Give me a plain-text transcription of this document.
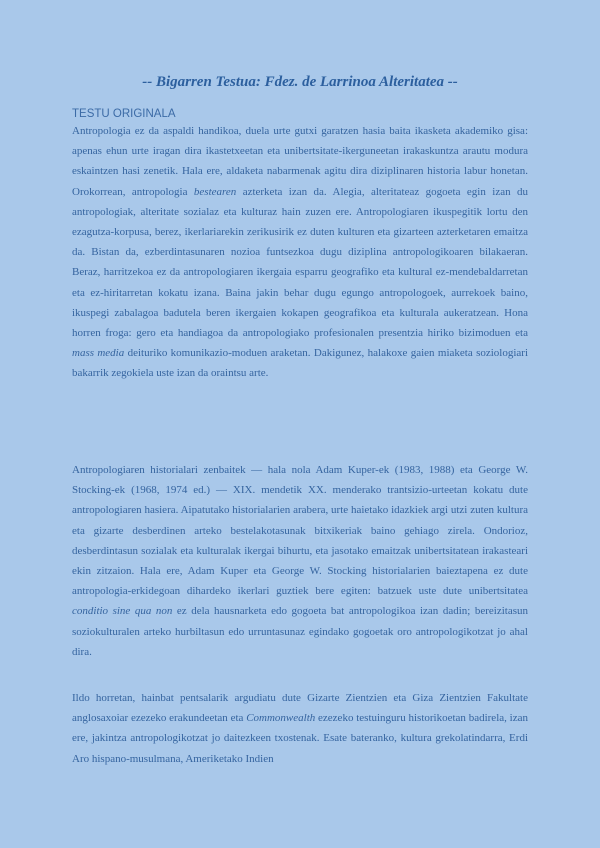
-- Bigarren Testua: Fdez. de Larrinoa Alteritatea --
TESTU ORIGINALA

Antropologia ez da aspaldi handikoa, duela urte gutxi garatzen hasia baita ikasketa akademiko gisa: apenas ehun urte iragan dira ikastetxeetan eta unibertsitate-ikerguneetan irakaskuntza arautu modura eskaintzen hasi zenetik. Hala ere, aldaketa nabarmenak agitu dira diziplinaren historia labur honetan. Orokorrean, antropologia bestearen azterketa izan da. Alegia, alteritateaz gogoeta egin izan du antropologiak, alteritate sozialaz eta kulturaz hain zuzen ere. Antropologiaren ikuspegitik lortu den ezagutza-korpusa, berez, ikerlariarekin zerikusirik ez duten kulturen eta gizarteen azterketaren emaitza da. Bistan da, ezberdintasunaren nozioa funtsezkoa dugu diziplina antropologikoaren bilakaeran. Beraz, harritzekoa ez da antropologiaren ikergaia esparru geografiko eta kultural ez-mendebaldarretan eta ez-hiritarretan kokatu izana. Baina jakin behar dugu egungo antropologoek, aurrekoek baino, ikuspegi zabalagoa badutela beren ikergaien kokapen geografikoa eta kulturala aukeratzean. Hona horren froga: gero eta handiagoa da antropologiako profesionalen presentzia hiriko bizimoduen eta mass media deituriko komunikazio-moduen araketan. Dakigunez, halakoxe gaien miaketa soziologiari bakarrik zegokiela uste izan da oraintsu arte.

Antropologiaren historialari zenbaitek — hala nola Adam Kuper-ek (1983, 1988) eta George W. Stocking-ek (1968, 1974 ed.) — XIX. mendetik XX. menderako trantsizio-urteetan kokatu dute antropologiaren hasiera. Aipatutako historialarien arabera, urte haietako idazkiek argi utzi zuten kultura eta gizarte desberdinen arteko bestelakotasunak bitxikeriak baino gehiago zirela. Ondorioz, desberdintasun sozialak eta kulturalak ikergai bihurtu, eta jasotako emaitzak unibertsitatean irakasteari ekin zitzaion. Hala ere, Adam Kuper eta George W. Stocking historialarien baieztapena ez dute antropologia-erkidegoan dihardeko ikerlari guztiek bere egiten: batzuek uste dute unibertsitatea conditio sine qua non ez dela hausnarketa edo gogoeta bat antropologikoa izan dadin; bereizitasun soziokulturalen arteko hurbiltasun edo urruntasunaz egindako gogoetak oro antropologikotzat jo ahal dira.

Ildo horretan, hainbat pentsalarik argudiatu dute Gizarte Zientzien eta Giza Zientzien Fakultate anglosaxoiar ezezeko erakundeetan eta Commonwealth ezezeko testuinguru historikoetan badirela, izan ere, jakintza antropologikotzat jo daitezkeen txostenak. Esate bateranko, kultura grekolatindarra, Erdi Aro hispano-musulmana, Ameriketako Indien
